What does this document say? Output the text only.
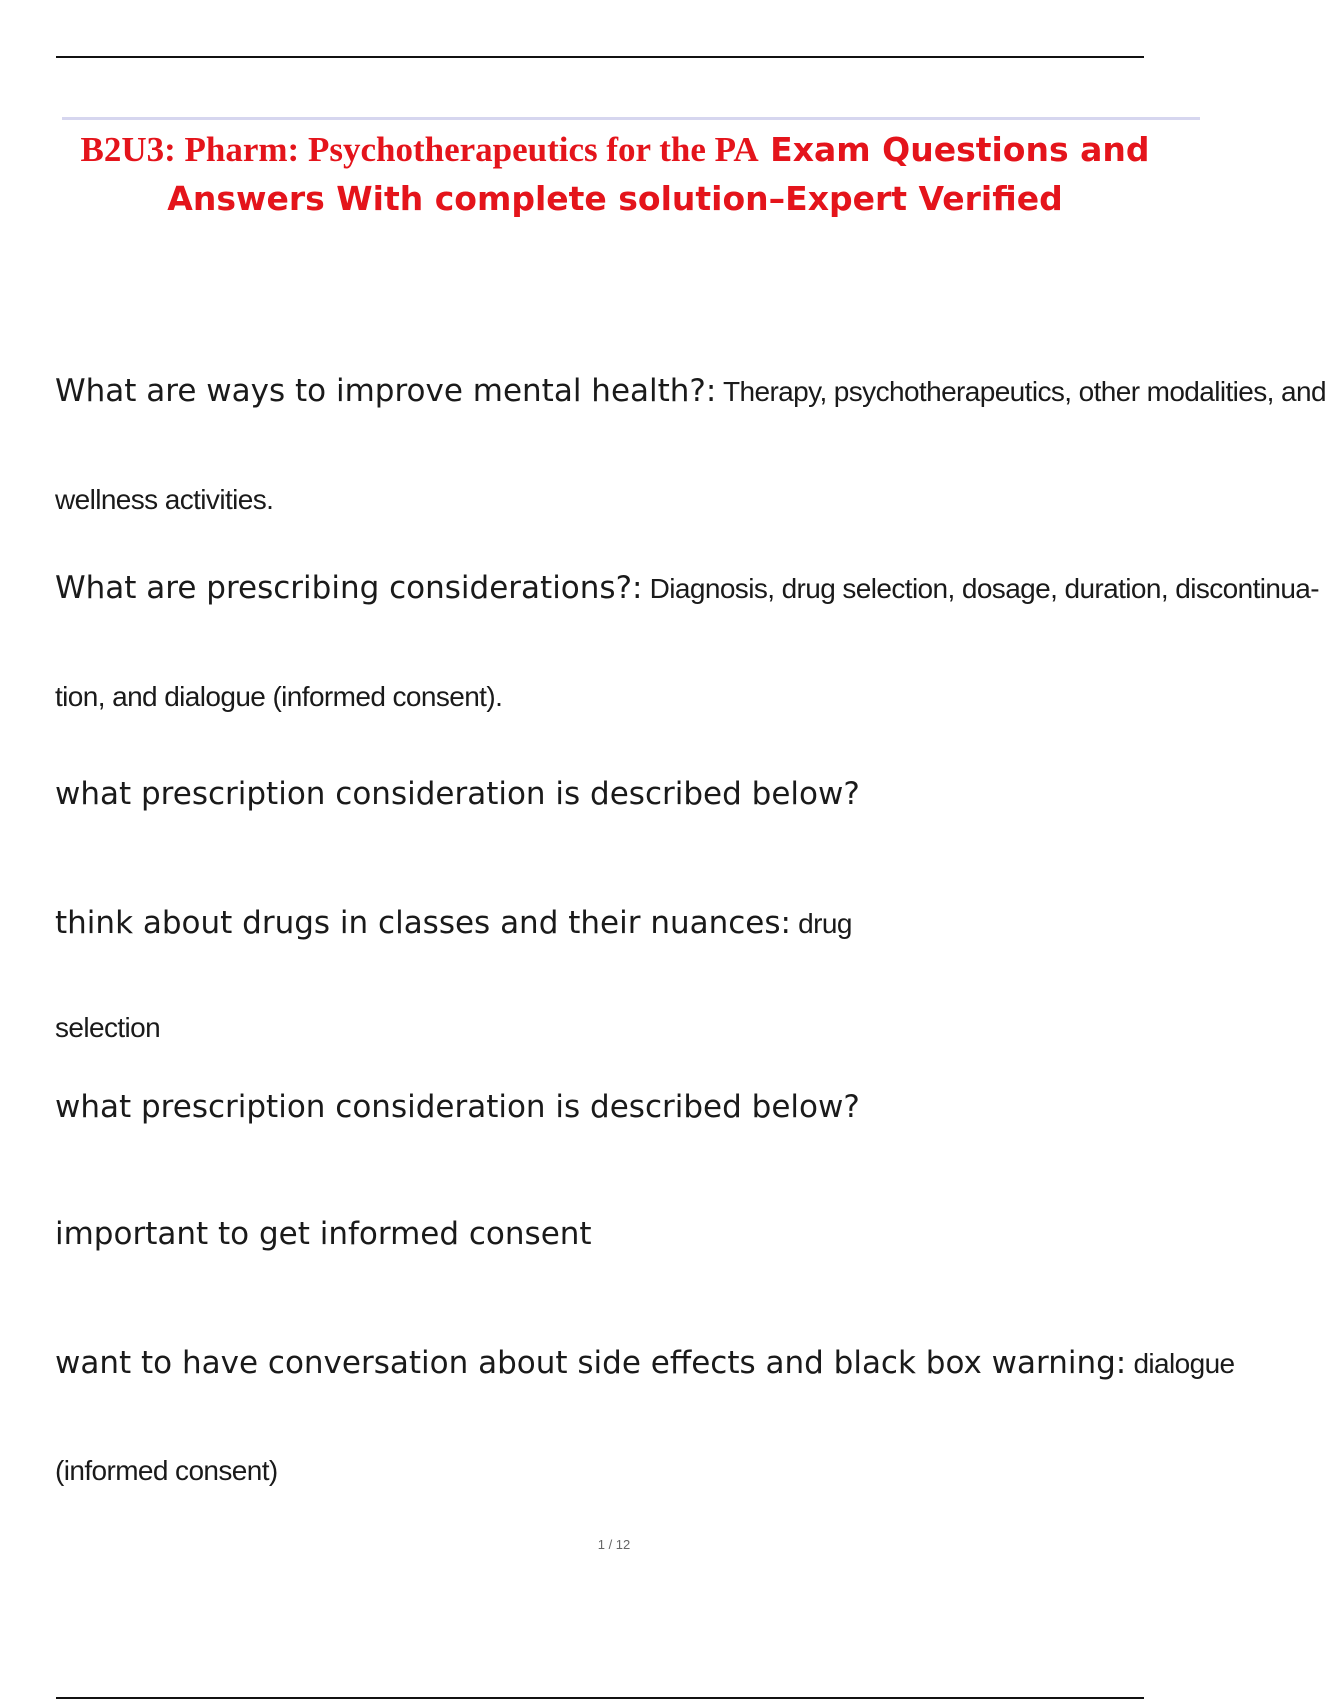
B2U3: Pharm: Psychotherapeutics for the PA Exam Questions and
Answers With complete solution–Expert Verified
What are ways to improve mental health?: Therapy, psychotherapeutics, other modalities, and
wellness activities.
What are prescribing considerations?: Diagnosis, drug selection, dosage, duration, discontinua-
tion, and dialogue (informed consent).
what prescription consideration is described below?
think about drugs in classes and their nuances: drug
selection
what prescription consideration is described below?
important to get informed consent
want to have conversation about side effects and black box warning: dialogue
(informed consent)
1 / 12
